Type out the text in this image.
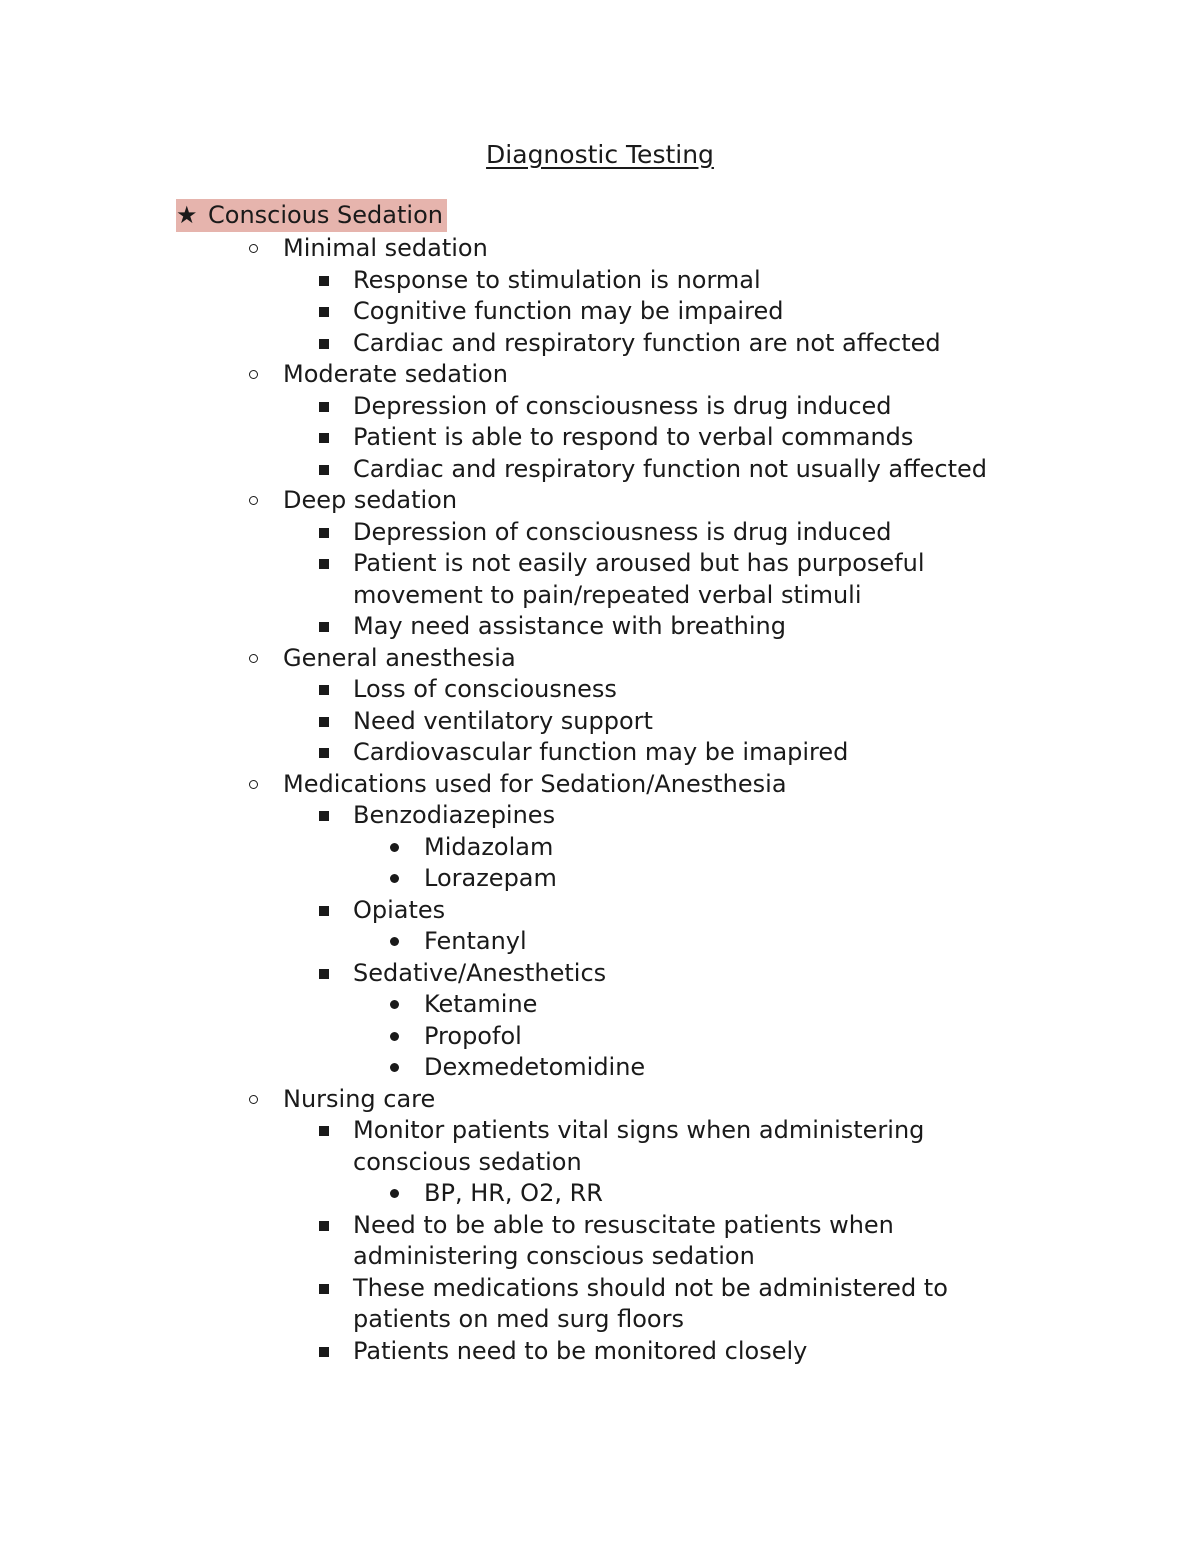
Diagnostic Testing
★ Conscious Sedation
Minimal sedation
Response to stimulation is normal
Cognitive function may be impaired
Cardiac and respiratory function are not affected
Moderate sedation
Depression of consciousness is drug induced
Patient is able to respond to verbal commands
Cardiac and respiratory function not usually affected
Deep sedation
Depression of consciousness is drug induced
Patient is not easily aroused but has purposeful
movement to pain/repeated verbal stimuli
May need assistance with breathing
General anesthesia
Loss of consciousness
Need ventilatory support
Cardiovascular function may be imapired
Medications used for Sedation/Anesthesia
Benzodiazepines
Midazolam
Lorazepam
Opiates
Fentanyl
Sedative/Anesthetics
Ketamine
Propofol
Dexmedetomidine
Nursing care
Monitor patients vital signs when administering
conscious sedation
BP, HR, O2, RR
Need to be able to resuscitate patients when
administering conscious sedation
These medications should not be administered to
patients on med surg floors
Patients need to be monitored closely
